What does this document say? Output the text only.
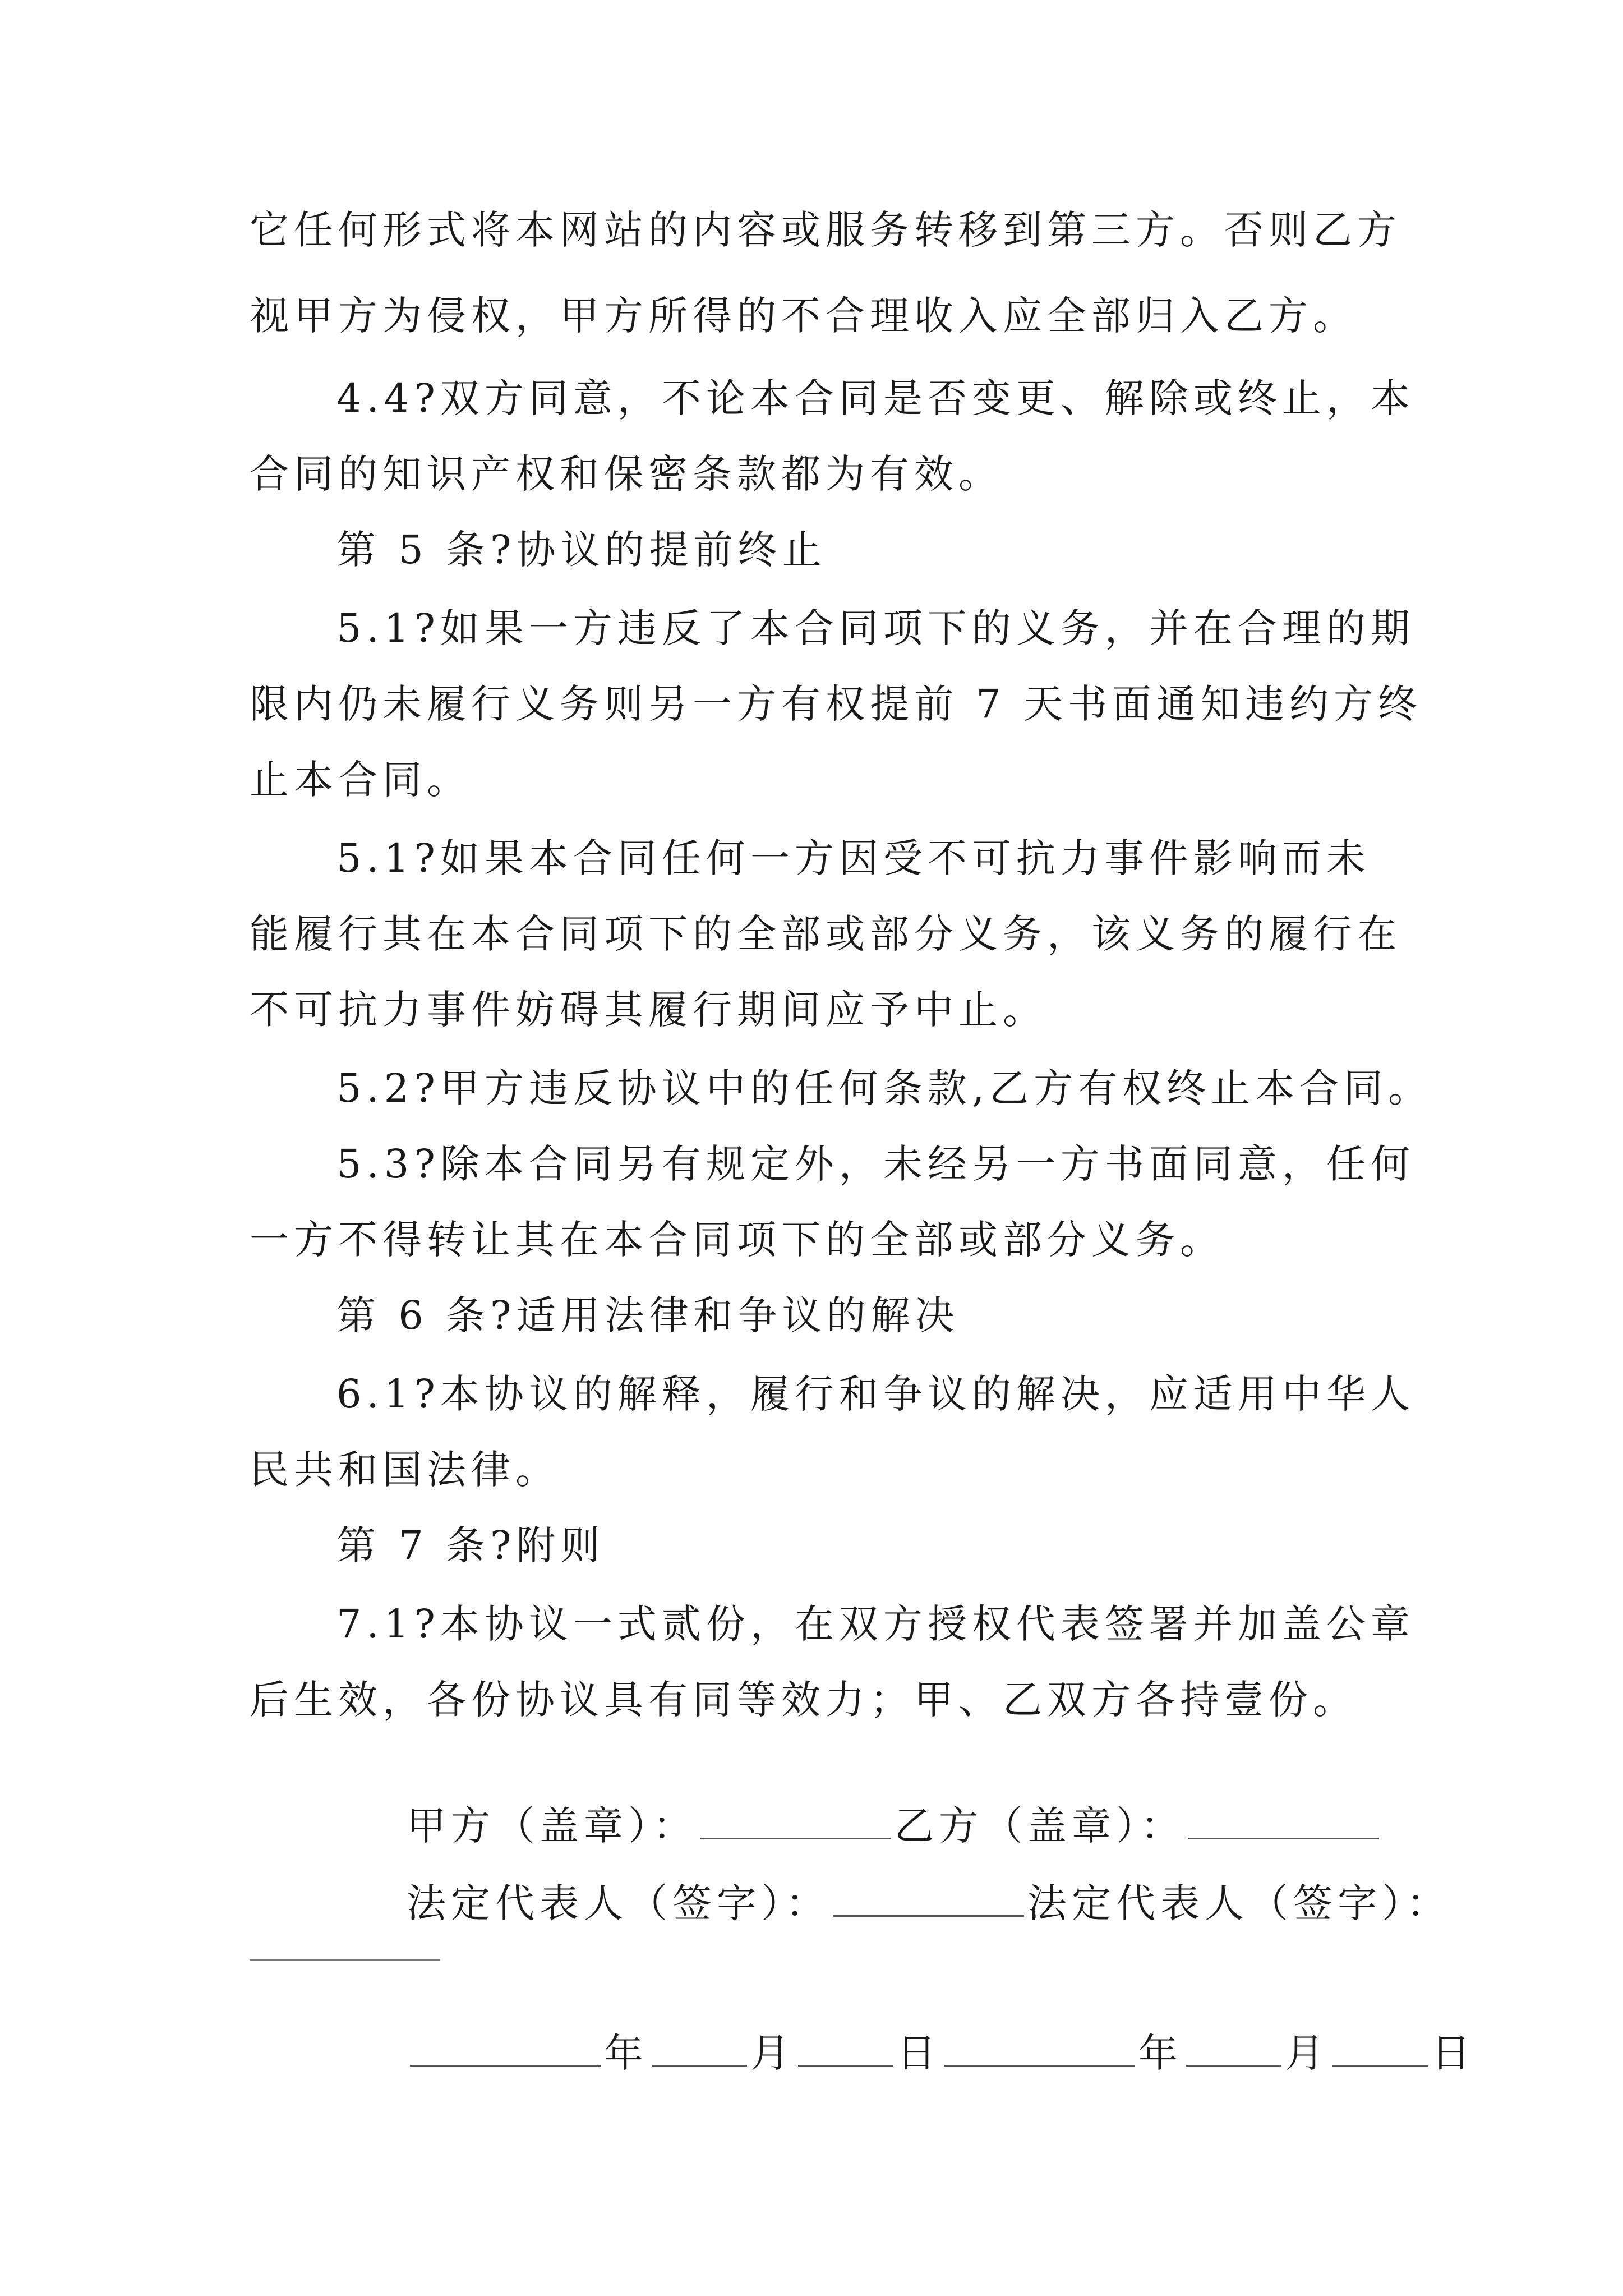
它任何形式将本网站的内容或服务转移到第三方。否则乙方
视甲方为侵权，甲方所得的不合理收入应全部归入乙方。
4.4?双方同意，不论本合同是否变更、解除或终止，本
合同的知识产权和保密条款都为有效。
第 5 条?协议的提前终止
5.1?如果一方违反了本合同项下的义务，并在合理的期
限内仍未履行义务则另一方有权提前 7 天书面通知违约方终
止本合同。
5.1?如果本合同任何一方因受不可抗力事件影响而未
能履行其在本合同项下的全部或部分义务，该义务的履行在
不可抗力事件妨碍其履行期间应予中止。
5.2?甲方违反协议中的任何条款,乙方有权终止本合同。
5.3?除本合同另有规定外，未经另一方书面同意，任何
一方不得转让其在本合同项下的全部或部分义务。
第 6 条?适用法律和争议的解决
6.1?本协议的解释，履行和争议的解决，应适用中华人
民共和国法律。
第 7 条?附则
7.1?本协议一式贰份，在双方授权代表签署并加盖公章
后生效，各份协议具有同等效力；甲、乙双方各持壹份。

甲方（盖章）：	乙方（盖章）：

法定代表人（签字）：	法定代表人（签字）：

年	月	日	年	月	日
